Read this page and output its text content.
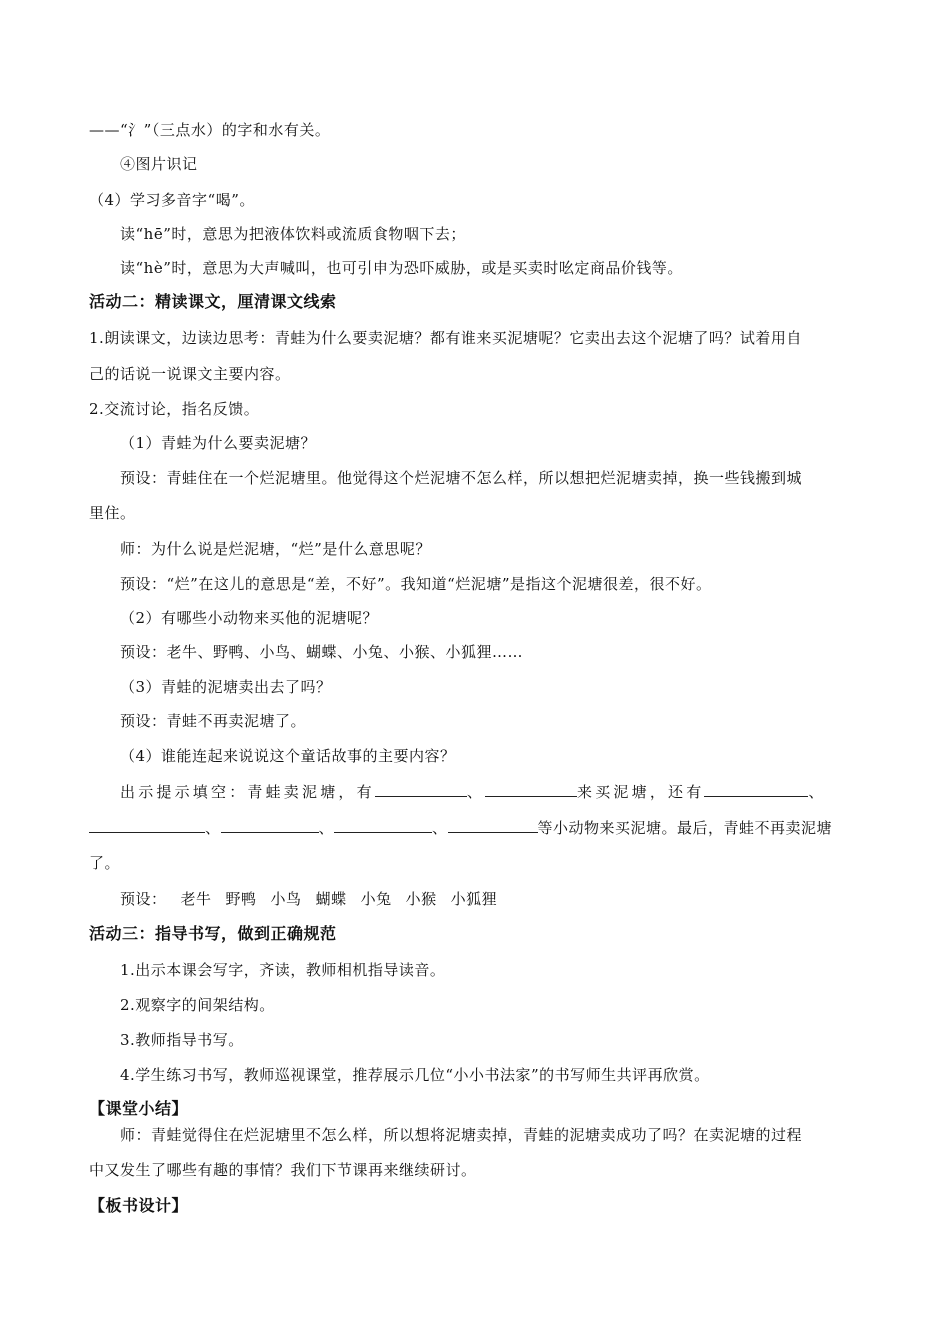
——“氵”（三点水）的字和水有关。
④图片识记
（4）学习多音字“喝”。
读“hē”时，意思为把液体饮料或流质食物咽下去；
读“hè”时，意思为大声喊叫，也可引申为恐吓威胁，或是买卖时吆定商品价钱等。
活动二：精读课文，厘清课文线索
1.朗读课文，边读边思考：青蛙为什么要卖泥塘？都有谁来买泥塘呢？它卖出去这个泥塘了吗？试着用自
己的话说一说课文主要内容。
2.交流讨论，指名反馈。
（1）青蛙为什么要卖泥塘？
预设：青蛙住在一个烂泥塘里。他觉得这个烂泥塘不怎么样，所以想把烂泥塘卖掉，换一些钱搬到城
里住。
师：为什么说是烂泥塘，“烂”是什么意思呢？
预设：“烂”在这儿的意思是“差，不好”。我知道“烂泥塘”是指这个泥塘很差，很不好。
（2）有哪些小动物来买他的泥塘呢？
预设：老牛、野鸭、小鸟、蝴蝶、小兔、小猴、小狐狸……
（3）青蛙的泥塘卖出去了吗？
预设：青蛙不再卖泥塘了。
（4）谁能连起来说说这个童话故事的主要内容？
出示提示填空：青蛙卖泥塘，有	、	来买泥塘，还有	、
、	、	、	等小动物来买泥塘。最后，青蛙不再卖泥塘
了。
预设： 老牛 野鸭 小鸟 蝴蝶 小兔 小猴 小狐狸
活动三：指导书写，做到正确规范
1.出示本课会写字，齐读，教师相机指导读音。
2.观察字的间架结构。
3.教师指导书写。
4.学生练习书写，教师巡视课堂，推荐展示几位“小小书法家”的书写师生共评再欣赏。
【课堂小结】
师：青蛙觉得住在烂泥塘里不怎么样，所以想将泥塘卖掉，青蛙的泥塘卖成功了吗？在卖泥塘的过程
中又发生了哪些有趣的事情？我们下节课再来继续研讨。
【板书设计】
